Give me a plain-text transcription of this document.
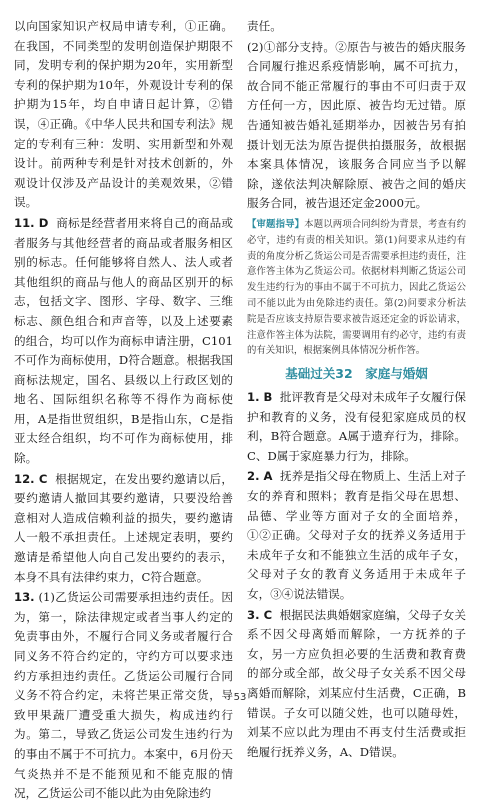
以向国家知识产权局申请专利，①正确。在我国，不同类型的发明创造保护期限不同，发明专利的保护期为20年，实用新型专利的保护期为10年，外观设计专利的保护期为15年，均自申请日起计算，②错误，④正确。《中华人民共和国专利法》规定的专利有三种：发明、实用新型和外观设计。前两种专利是针对技术创新的，外观设计仅涉及产品设计的美观效果，②错误。

11. D 商标是经营者用来将自己的商品或者服务与其他经营者的商品或者服务相区别的标志。任何能够将自然人、法人或者其他组织的商品与他人的商品区别开的标志，包括文字、图形、字母、数字、三维标志、颜色组合和声音等，以及上述要素的组合，均可以作为商标申请注册，C101不可作为商标使用，D符合题意。根据我国商标法规定，国名、县级以上行政区划的地名、国际组织名称等不得作为商标使用，A是指世贸组织，B是指山东，C是指亚太经合组织，均不可作为商标使用，排除。

12. C 根据规定，在发出要约邀请以后，要约邀请人撤回其要约邀请，只要没给善意相对人造成信赖利益的损失，要约邀请人一般不承担责任。上述规定表明，要约邀请是希望他人向自己发出要约的表示，本身不具有法律约束力，C符合题意。

13. (1)乙货运公司需要承担违约责任。因为，第一，除法律规定或者当事人约定的免责事由外，不履行合同义务或者履行合同义务不符合约定的，守约方可以要求违约方承担违约责任。乙货运公司履行合同义务不符合约定，未将芒果正常交货，导致甲果蔬厂遭受重大损失，构成违约行为。第二，导致乙货运公司发生违约行为的事由不属于不可抗力。本案中，6月份天气炎热并不是不能预见和不能克服的情况，乙货运公司不能以此为由免除违约

责任。

(2)①部分支持。②原告与被告的婚庆服务合同履行推迟系疫情影响，属不可抗力，故合同不能正常履行的事由不可归责于双方任何一方，因此原、被告均无过错。原告通知被告婚礼延期举办，因被告另有拍摄计划无法为原告提供拍摄服务，故根据本案具体情况，该服务合同应当予以解除，遂依法判决解除原、被告之间的婚庆服务合同，被告退还定金2000元。

【审题指导】本题以两项合同纠纷为背景，考查有约必守，违约有责的相关知识。第(1)问要求从违约有责的角度分析乙货运公司是否需要承担违约责任，注意作答主体为乙货运公司。依据材料判断乙货运公司发生违约行为的事由不属于不可抗力，因此乙货运公司不能以此为由免除违约责任。第(2)问要求分析法院是否应该支持原告要求被告返还定金的诉讼请求，注意作答主体为法院，需要调用有约必守，违约有责的有关知识，根据案例具体情况分析作答。
基础过关32　家庭与婚姻

1. B 批评教育是父母对未成年子女履行保护和教育的义务，没有侵犯家庭成员的权利，B符合题意。A属于遗弃行为，排除。C、D属于家庭暴力行为，排除。

2. A 抚养是指父母在物质上、生活上对子女的养育和照料；教育是指父母在思想、品德、学业等方面对子女的全面培养，①②正确。父母对子女的抚养义务适用于未成年子女和不能独立生活的成年子女，父母对子女的教育义务适用于未成年子女，③④说法错误。

3. C 根据民法典婚姻家庭编，父母子女关系不因父母离婚而解除，一方抚养的子女，另一方应负担必要的生活费和教育费的部分或全部，故父母子女关系不因父母离婚而解除，刘某应付生活费，C正确，B错误。子女可以随父姓，也可以随母姓，刘某不应以此为理由不再支付生活费或拒绝履行抚养义务，A、D错误。

· 53 ·
